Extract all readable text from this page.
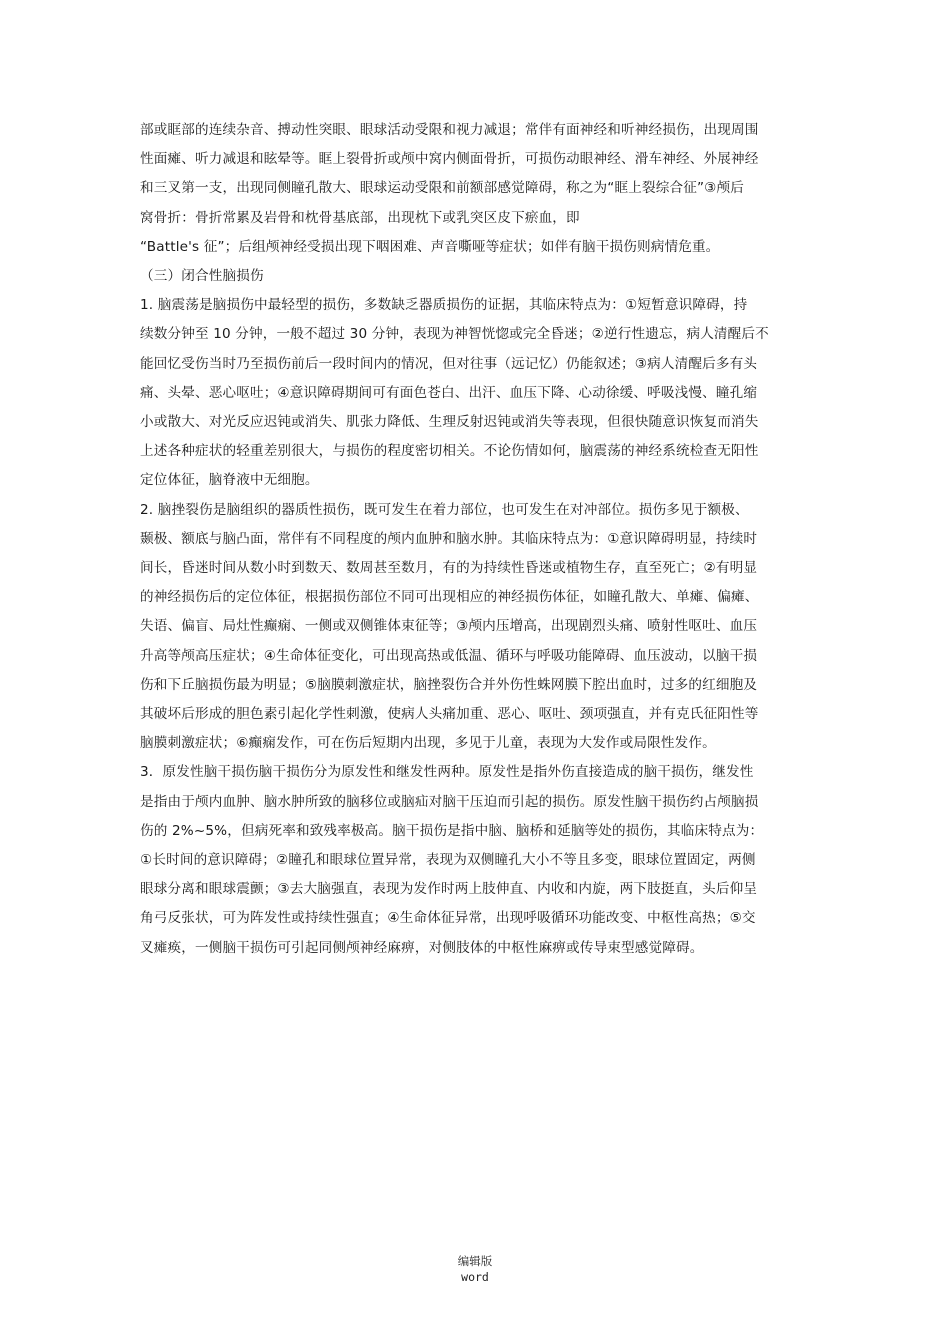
部或眶部的连续杂音、搏动性突眼、眼球活动受限和视力减退；常伴有面神经和听神经损伤，出现周围

性面瘫、听力减退和眩晕等。眶上裂骨折或颅中窝内侧面骨折，可损伤动眼神经、滑车神经、外展神经

和三叉第一支，出现同侧瞳孔散大、眼球运动受限和前额部感觉障碍，称之为“眶上裂综合征”③颅后

窝骨折：骨折常累及岩骨和枕骨基底部，出现枕下或乳突区皮下瘀血，即

“Battle's 征”；后组颅神经受损出现下咽困难、声音嘶哑等症状；如伴有脑干损伤则病情危重。

（三）闭合性脑损伤

1. 脑震荡是脑损伤中最轻型的损伤，多数缺乏器质损伤的证据，其临床特点为：①短暂意识障碍，持

续数分钟至 10 分钟，一般不超过 30 分钟，表现为神智恍惚或完全昏迷；②逆行性遗忘，病人清醒后不

能回忆受伤当时乃至损伤前后一段时间内的情况，但对往事（远记忆）仍能叙述；③病人清醒后多有头

痛、头晕、恶心呕吐；④意识障碍期间可有面色苍白、出汗、血压下降、心动徐缓、呼吸浅慢、瞳孔缩

小或散大、对光反应迟钝或消失、肌张力降低、生理反射迟钝或消失等表现，但很快随意识恢复而消失

上述各种症状的轻重差别很大，与损伤的程度密切相关。不论伤情如何，脑震荡的神经系统检查无阳性

定位体征，脑脊液中无细胞。

2. 脑挫裂伤是脑组织的器质性损伤，既可发生在着力部位，也可发生在对冲部位。损伤多见于额极、

颞极、额底与脑凸面，常伴有不同程度的颅内血肿和脑水肿。其临床特点为：①意识障碍明显，持续时

间长，昏迷时间从数小时到数天、数周甚至数月，有的为持续性昏迷或植物生存，直至死亡；②有明显

的神经损伤后的定位体征，根据损伤部位不同可出现相应的神经损伤体征，如瞳孔散大、单瘫、偏瘫、

失语、偏盲、局灶性癫痫、一侧或双侧锥体束征等；③颅内压增高，出现剧烈头痛、喷射性呕吐、血压

升高等颅高压症状；④生命体征变化，可出现高热或低温、循环与呼吸功能障碍、血压波动，以脑干损

伤和下丘脑损伤最为明显；⑤脑膜刺激症状，脑挫裂伤合并外伤性蛛网膜下腔出血时，过多的红细胞及

其破坏后形成的胆色素引起化学性刺激，使病人头痛加重、恶心、呕吐、颈项强直，并有克氏征阳性等

脑膜刺激症状；⑥癫痫发作，可在伤后短期内出现，多见于儿童，表现为大发作或局限性发作。

3．原发性脑干损伤脑干损伤分为原发性和继发性两种。原发性是指外伤直接造成的脑干损伤，继发性

是指由于颅内血肿、脑水肿所致的脑移位或脑疝对脑干压迫而引起的损伤。原发性脑干损伤约占颅脑损

伤的 2%~5%，但病死率和致残率极高。脑干损伤是指中脑、脑桥和延脑等处的损伤，其临床特点为：

①长时间的意识障碍；②瞳孔和眼球位置异常，表现为双侧瞳孔大小不等且多变，眼球位置固定，两侧

眼球分离和眼球震颤；③去大脑强直，表现为发作时两上肢伸直、内收和内旋，两下肢挺直，头后仰呈

角弓反张状，可为阵发性或持续性强直；④生命体征异常，出现呼吸循环功能改变、中枢性高热；⑤交

叉瘫痪，一侧脑干损伤可引起同侧颅神经麻痹，对侧肢体的中枢性麻痹或传导束型感觉障碍。

编辑版
word
